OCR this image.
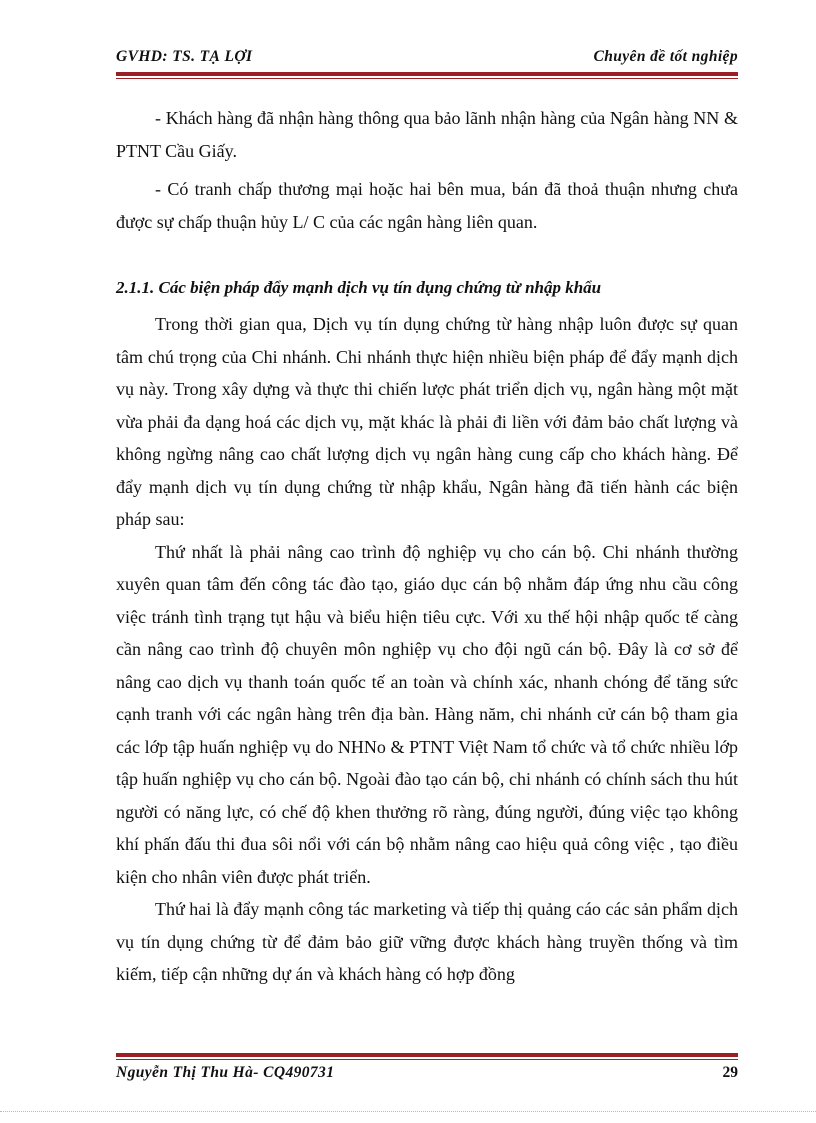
GVHD: TS. TẠ LỢI	Chuyên đề tốt nghiệp

- Khách hàng đã nhận hàng thông qua bảo lãnh nhận hàng của Ngân hàng NN & PTNT Cầu Giấy.

- Có tranh chấp thương mại hoặc hai bên mua, bán đã thoả thuận nhưng chưa được sự chấp thuận hủy L/ C của các ngân hàng liên quan.

2.1.1. Các biện pháp đẩy mạnh dịch vụ tín dụng chứng từ nhập khẩu

Trong thời gian qua, Dịch vụ tín dụng chứng từ hàng nhập luôn được sự quan tâm chú trọng của Chi nhánh. Chi nhánh thực hiện nhiều biện pháp để đẩy mạnh dịch vụ này. Trong xây dựng và thực thi chiến lược phát triển dịch vụ, ngân hàng một mặt vừa phải đa dạng hoá các dịch vụ, mặt khác là phải đi liền với đảm bảo chất lượng và không ngừng nâng cao chất lượng dịch vụ ngân hàng cung cấp cho khách hàng. Để đẩy mạnh dịch vụ tín dụng chứng từ nhập khẩu, Ngân hàng đã tiến hành các biện pháp sau:

Thứ nhất là phải nâng cao trình độ nghiệp vụ cho cán bộ. Chi nhánh thường xuyên quan tâm đến công tác đào tạo, giáo dục cán bộ nhằm đáp ứng nhu cầu công việc tránh tình trạng tụt hậu và biểu hiện tiêu cực. Với xu thế hội nhập quốc tế càng cần nâng cao trình độ chuyên môn nghiệp vụ cho đội ngũ cán bộ. Đây là cơ sở để nâng cao dịch vụ thanh toán quốc tế an toàn và chính xác, nhanh chóng để tăng sức cạnh tranh với các ngân hàng trên địa bàn. Hàng năm, chi nhánh cử cán bộ tham gia các lớp tập huấn nghiệp vụ do NHNo & PTNT Việt Nam tổ chức và tổ chức nhiều lớp tập huấn nghiệp vụ cho cán bộ. Ngoài đào tạo cán bộ, chi nhánh có chính sách thu hút người có năng lực, có chế độ khen thưởng rõ ràng, đúng người, đúng việc tạo không khí phấn đấu thi đua sôi nổi với cán bộ nhằm nâng cao hiệu quả công việc , tạo điều kiện cho nhân viên được phát triển.

Thứ hai là đẩy mạnh công tác marketing và tiếp thị quảng cáo các sản phẩm dịch vụ tín dụng chứng từ để đảm bảo giữ vững được khách hàng truyền thống và tìm kiếm, tiếp cận những dự án và khách hàng có hợp đồng

Nguyễn Thị Thu Hà- CQ490731	29
